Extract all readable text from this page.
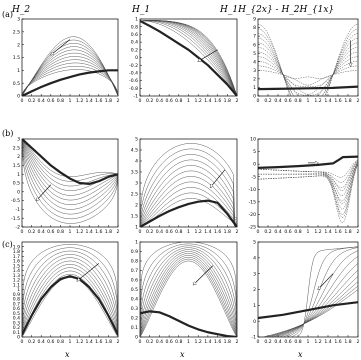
H_2	H_1	H_1H_{2x} - H_2H_{1x}
(a)
(b)
(c)
x	x	x
0 0.2 0.4 0.6 0.8 1 1.2 1.4 1.6 1.8 2
0
0.5
1
1.5
2
2.5
3
0 0.2 0.4 0.6 0.8 1 1.2 1.4 1.6 1.8 2
-1
-0.8
-0.6
-0.4
-0.2
0
0.2
0.4
0.6
0.8
1
0 0.2 0.4 0.6 0.8 1 1.2 1.4 1.6 1.8 2
0
1
2
3
4
5
6
7
8
9
0 0.2 0.4 0.6 0.8 1 1.2 1.4 1.6 1.8 2
-2
-1.5
-1
-0.5
0
0.5
1
1.5
2
2.5
3
0 0.2 0.4 0.6 0.8 1 1.2 1.4 1.6 1.8 2
1
1.5
2
2.5
3
3.5
4
4.5
5
0 0.2 0.4 0.6 0.8 1 1.2 1.4 1.6 1.8 2
-25
-20
-15
-10
-5
0
5
10
0 0.2 0.4 0.6 0.8 1 1.2 1.4 1.6 1.8 2
0
0.1
0.2
0.3
0.4
0.5
0.6
0.7
0.8
0.9
1
1.1
1.2
1.3
1.4
1.5
1.6
1.7
1.8
1.9
0 0.2 0.4 0.6 0.8 1 1.2 1.4 1.6 1.8 2
0
0.1
0.2
0.3
0.4
0.5
0.6
0.7
0.8
0.9
1
0 0.2 0.4 0.6 0.8 1 1.2 1.4 1.6 1.8 2
-1
0
1
2
3
4
5
